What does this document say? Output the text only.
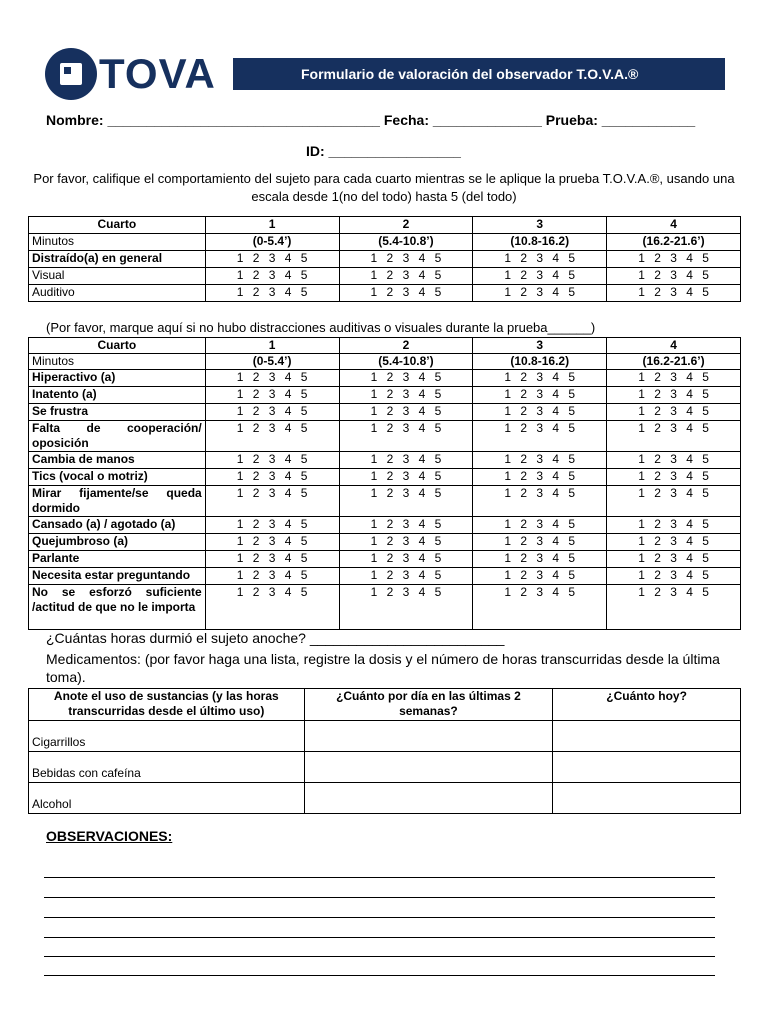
TOVA	Formulario de valoración del observador T.O.V.A.®
Nombre: ___________________________________ Fecha: ______________ Prueba: ____________
ID: _________________
Por favor, califique el comportamiento del sujeto para cada cuarto mientras se le aplique la prueba T.O.V.A.®, usando una escala desde 1(no del todo) hasta 5 (del todo)
Cuarto	1	2	3	4
Minutos	(0-5.4’)	(5.4-10.8’)	(10.8-16.2)	(16.2-21.6’)
Distraído(a) en general	1 2 3 4 5	1 2 3 4 5	1 2 3 4 5	1 2 3 4 5
Visual	1 2 3 4 5	1 2 3 4 5	1 2 3 4 5	1 2 3 4 5
Auditivo	1 2 3 4 5	1 2 3 4 5	1 2 3 4 5	1 2 3 4 5
(Por favor, marque aquí si no hubo distracciones auditivas o visuales durante la prueba______)
Cuarto	1	2	3	4
Minutos	(0-5.4’)	(5.4-10.8’)	(10.8-16.2)	(16.2-21.6’)
Hiperactivo (a)	1 2 3 4 5	1 2 3 4 5	1 2 3 4 5	1 2 3 4 5
Inatento (a)	1 2 3 4 5	1 2 3 4 5	1 2 3 4 5	1 2 3 4 5
Se frustra	1 2 3 4 5	1 2 3 4 5	1 2 3 4 5	1 2 3 4 5
Falta de cooperación/ oposición	1 2 3 4 5	1 2 3 4 5	1 2 3 4 5	1 2 3 4 5
Cambia de manos	1 2 3 4 5	1 2 3 4 5	1 2 3 4 5	1 2 3 4 5
Tics (vocal o motriz)	1 2 3 4 5	1 2 3 4 5	1 2 3 4 5	1 2 3 4 5
Mirar fijamente/se queda dormido	1 2 3 4 5	1 2 3 4 5	1 2 3 4 5	1 2 3 4 5
Cansado (a) / agotado (a)	1 2 3 4 5	1 2 3 4 5	1 2 3 4 5	1 2 3 4 5
Quejumbroso (a)	1 2 3 4 5	1 2 3 4 5	1 2 3 4 5	1 2 3 4 5
Parlante	1 2 3 4 5	1 2 3 4 5	1 2 3 4 5	1 2 3 4 5
Necesita estar preguntando	1 2 3 4 5	1 2 3 4 5	1 2 3 4 5	1 2 3 4 5
No se esforzó suficiente /actitud de que no le importa	1 2 3 4 5	1 2 3 4 5	1 2 3 4 5	1 2 3 4 5
¿Cuántas horas durmió el sujeto anoche? _________________________
Medicamentos: (por favor haga una lista, registre la dosis y el número de horas transcurridas desde la última toma).
Anote el uso de sustancias (y las horas transcurridas desde el último uso)	¿Cuánto por día en las últimas 2 semanas?	¿Cuánto hoy?
Cigarrillos		
Bebidas con cafeína		
Alcohol		
OBSERVACIONES:
